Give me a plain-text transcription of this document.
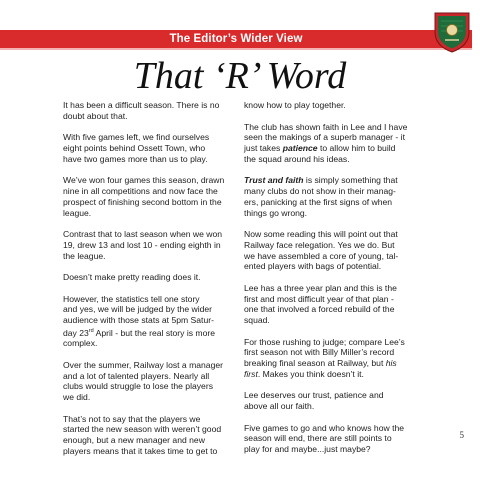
The Editor’s Wider View
That ‘R’ Word

It has been a difficult season. There is no
doubt about that.

With five games left, we find ourselves
eight points behind Ossett Town, who
have two games more than us to play.

We’ve won four games this season, drawn
nine in all competitions and now face the
prospect of finishing second bottom in the
league.

Contrast that to last season when we won
19, drew 13 and lost 10 - ending eighth in
the league.

Doesn’t make pretty reading does it.

However, the statistics tell one story
and yes, we will be judged by the wider
audience with those stats at 5pm Satur-
day 23rd April - but the real story is more
complex.

Over the summer, Railway lost a manager
and a lot of talented players. Nearly all
clubs would struggle to lose the players
we did.

That’s not to say that the players we
started the new season with weren’t good
enough, but a new manager and new
players means that it takes time to get to

know how to play together.

The club has shown faith in Lee and I have
seen the makings of a superb manager - it
just takes patience to allow him to build
the squad around his ideas.

Trust and faith is simply something that
many clubs do not show in their manag-
ers, panicking at the first signs of when
things go wrong.

Now some reading this will point out that
Railway face relegation. Yes we do. But
we have assembled a core of young, tal-
ented players with bags of potential.

Lee has a three year plan and this is the
first and most difficult year of that plan -
one that involved a forced rebuild of the
squad.

For those rushing to judge; compare Lee’s
first season not with Billy Miller’s record
breaking final season at Railway, but his
first. Makes you think doesn’t it.

Lee deserves our trust, patience and
above all our faith.

Five games to go and who knows how the
season will end, there are still points to
play for and maybe...just maybe?

5
